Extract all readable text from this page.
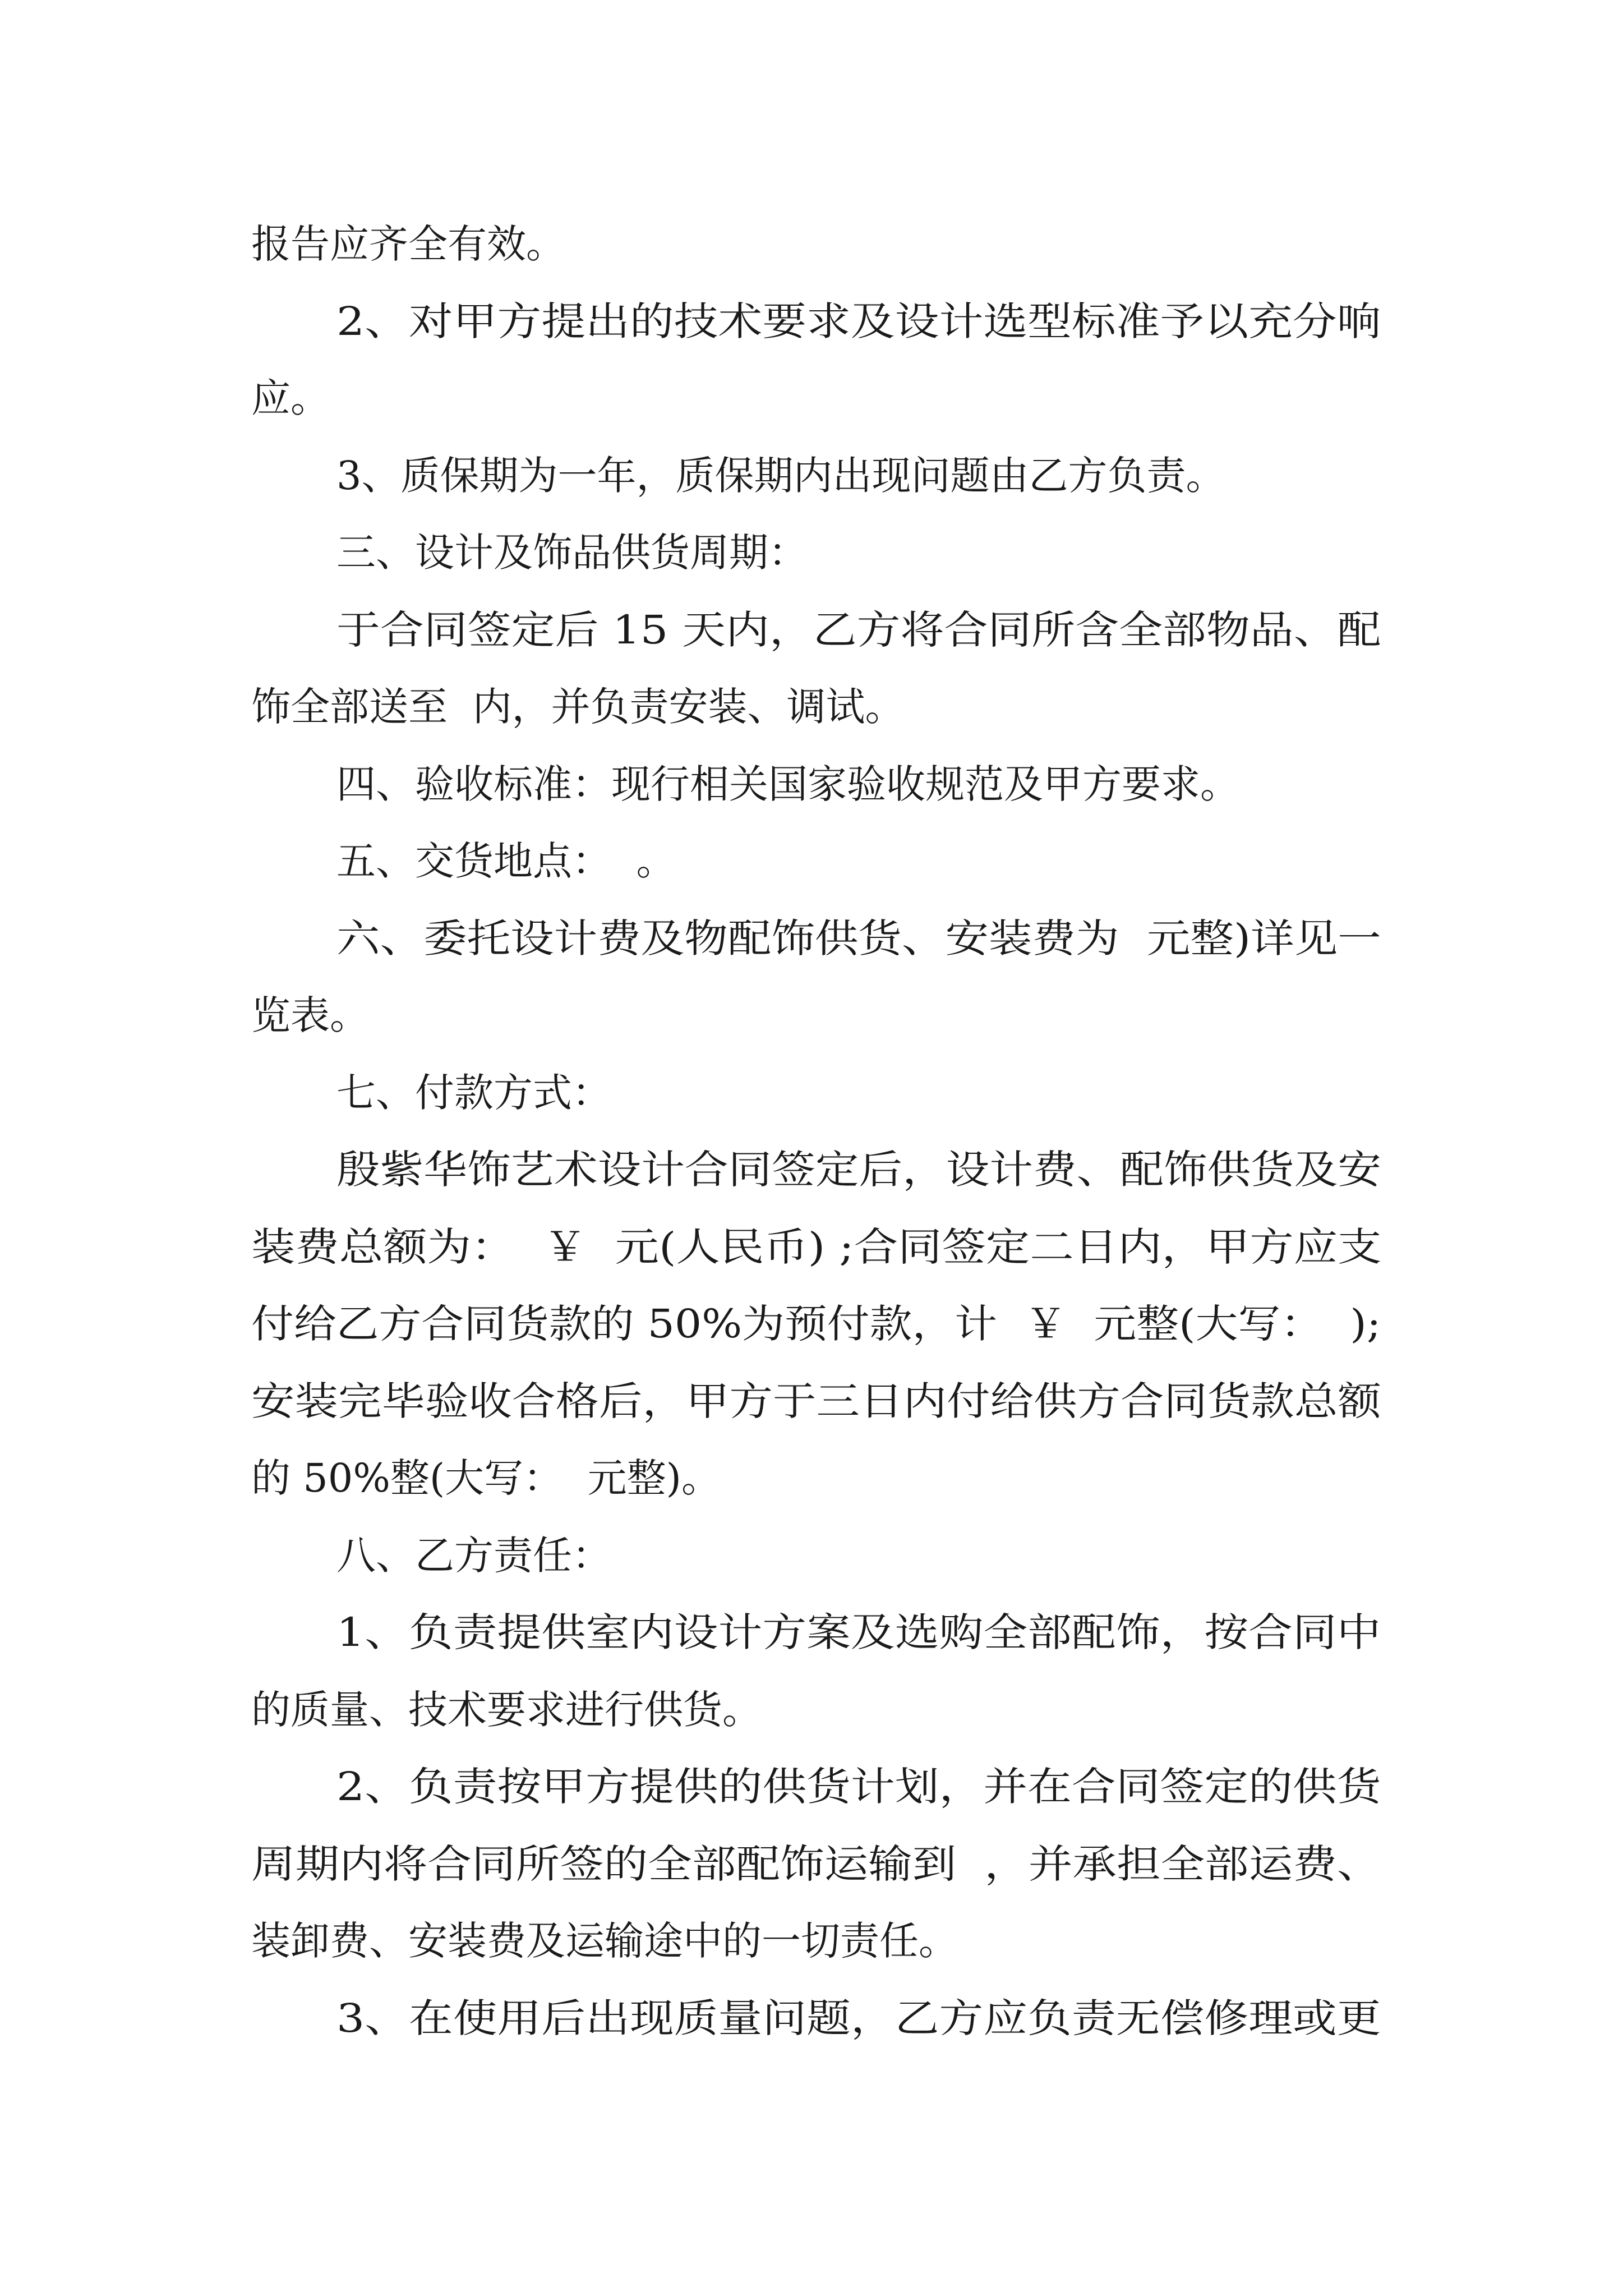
报告应齐全有效。
2、对甲方提出的技术要求及设计选型标准予以充分响
应。
3、质保期为一年，质保期内出现问题由乙方负责。
三、设计及饰品供货周期：
于合同签定后 15 天内，乙方将合同所含全部物品、配
饰全部送至  内，并负责安装、调试。
四、验收标准：现行相关国家验收规范及甲方要求。
五、交货地点：  。
六、委托设计费及物配饰供货、安装费为  元整)详见一
览表。
七、付款方式：
殷紫华饰艺术设计合同签定后，设计费、配饰供货及安
装费总额为：  ￥  元(人民币) ;合同签定二日内，甲方应支
付给乙方合同货款的 50%为预付款，计  ￥  元整(大写：  );
安装完毕验收合格后，甲方于三日内付给供方合同货款总额
的 50%整(大写：  元整)。
八、乙方责任：
1、负责提供室内设计方案及选购全部配饰，按合同中
的质量、技术要求进行供货。
2、负责按甲方提供的供货计划，并在合同签定的供货
周期内将合同所签的全部配饰运输到  ，并承担全部运费、
装卸费、安装费及运输途中的一切责任。
3、在使用后出现质量问题，乙方应负责无偿修理或更
